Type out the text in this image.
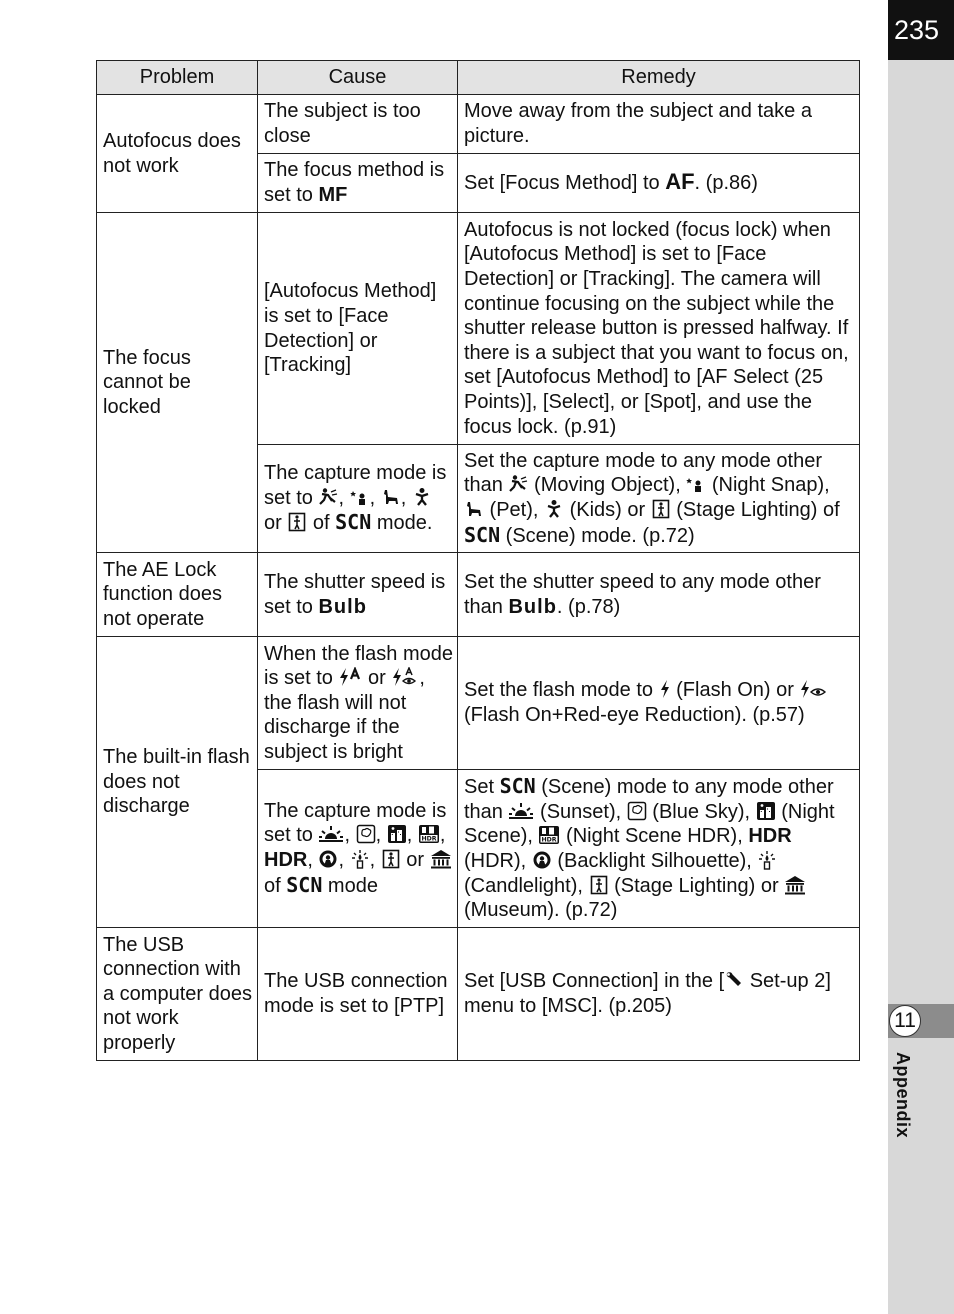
235
11
Appendix
Problem	Cause	Remedy
Autofocus does not work	The subject is too close	Move away from the subject and take a picture.
	The focus method is set to MF	Set [Focus Method] to AF. (p.86)
The focus cannot be locked	[Autofocus Method] is set to [Face Detection] or [Tracking]	Autofocus is not locked (focus lock) when [Autofocus Method] is set to [Face Detection] or [Tracking]. The camera will continue focusing on the subject while the shutter release button is pressed halfway. If there is a subject that you want to focus on, set [Autofocus Method] to [AF Select (25 Points)], [Select], or [Spot], and use the focus lock. (p.91)
	The capture mode is set to , , ,  or  of SCN mode.	Set the capture mode to any mode other than  (Moving Object),  (Night Snap),  (Pet),  (Kids) or  (Stage Lighting) of SCN (Scene) mode. (p.72)
The AE Lock function does not operate	The shutter speed is set to Bulb	Set the shutter speed to any mode other than Bulb. (p.78)
The built-in flash does not discharge	When the flash mode is set to  or , the flash will not discharge if the subject is bright	Set the flash mode to  (Flash On) or  (Flash On+Red-eye Reduction). (p.57)
	The capture mode is set to , , , , HDR, , ,  or  of SCN mode	Set SCN (Scene) mode to any mode other than  (Sunset),  (Blue Sky),  (Night Scene),  (Night Scene HDR), HDR (HDR),  (Backlight Silhouette),  (Candlelight),  (Stage Lighting) or  (Museum). (p.72)
The USB connection with a computer does not work properly	The USB connection mode is set to [PTP]	Set [USB Connection] in the [ Set-up 2] menu to [MSC]. (p.205)
